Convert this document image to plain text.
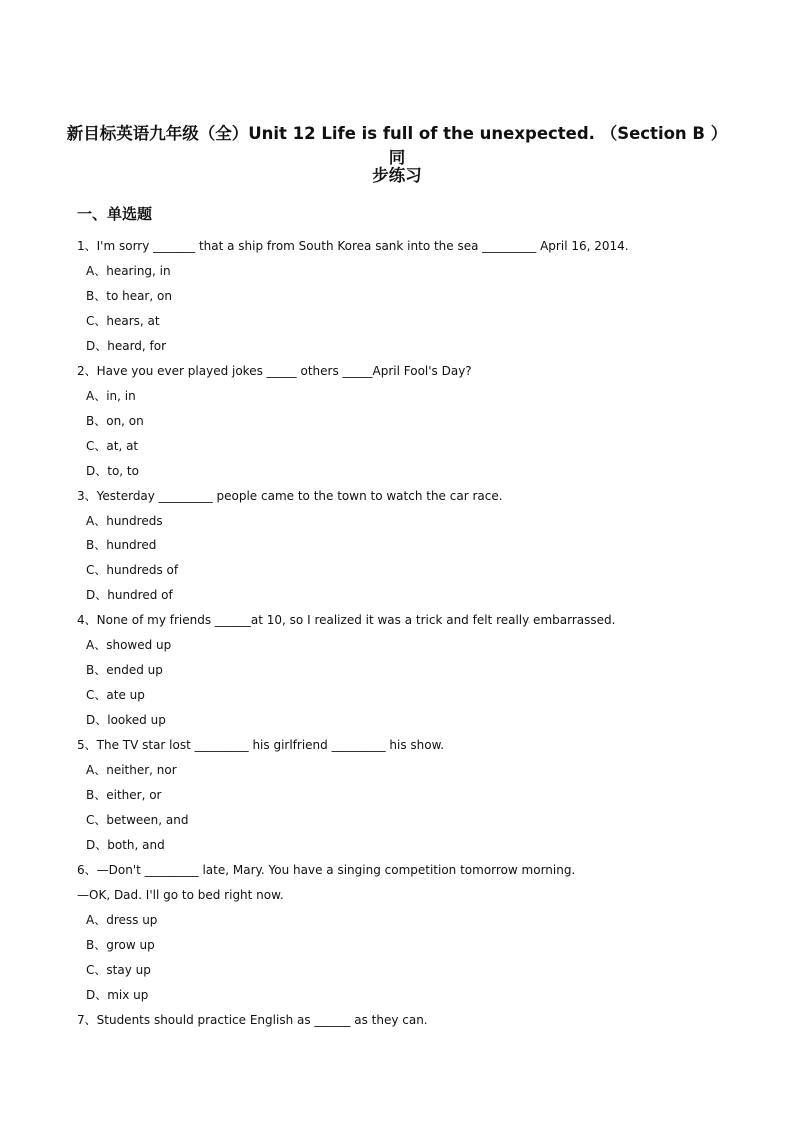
新目标英语九年级（全）Unit 12 Life is full of the unexpected. （Section B ）同
步练习
一、单选题
1、I'm sorry _______ that a ship from South Korea sank into the sea _________ April 16, 2014.
A、hearing, in
B、to hear, on
C、hears, at
D、heard, for
2、Have you ever played jokes _____ others _____April Fool's Day?
A、in, in
B、on, on
C、at, at
D、to, to
3、Yesterday _________ people came to the town to watch the car race.
A、hundreds
B、hundred
C、hundreds of
D、hundred of
4、None of my friends ______at 10, so I realized it was a trick and felt really embarrassed.
A、showed up
B、ended up
C、ate up
D、looked up
5、The TV star lost _________ his girlfriend _________ his show.
A、neither, nor
B、either, or
C、between, and
D、both, and
6、—Don't _________ late, Mary. You have a singing competition tomorrow morning.
—OK, Dad. I'll go to bed right now.
A、dress up
B、grow up
C、stay up
D、mix up
7、Students should practice English as ______ as they can.
